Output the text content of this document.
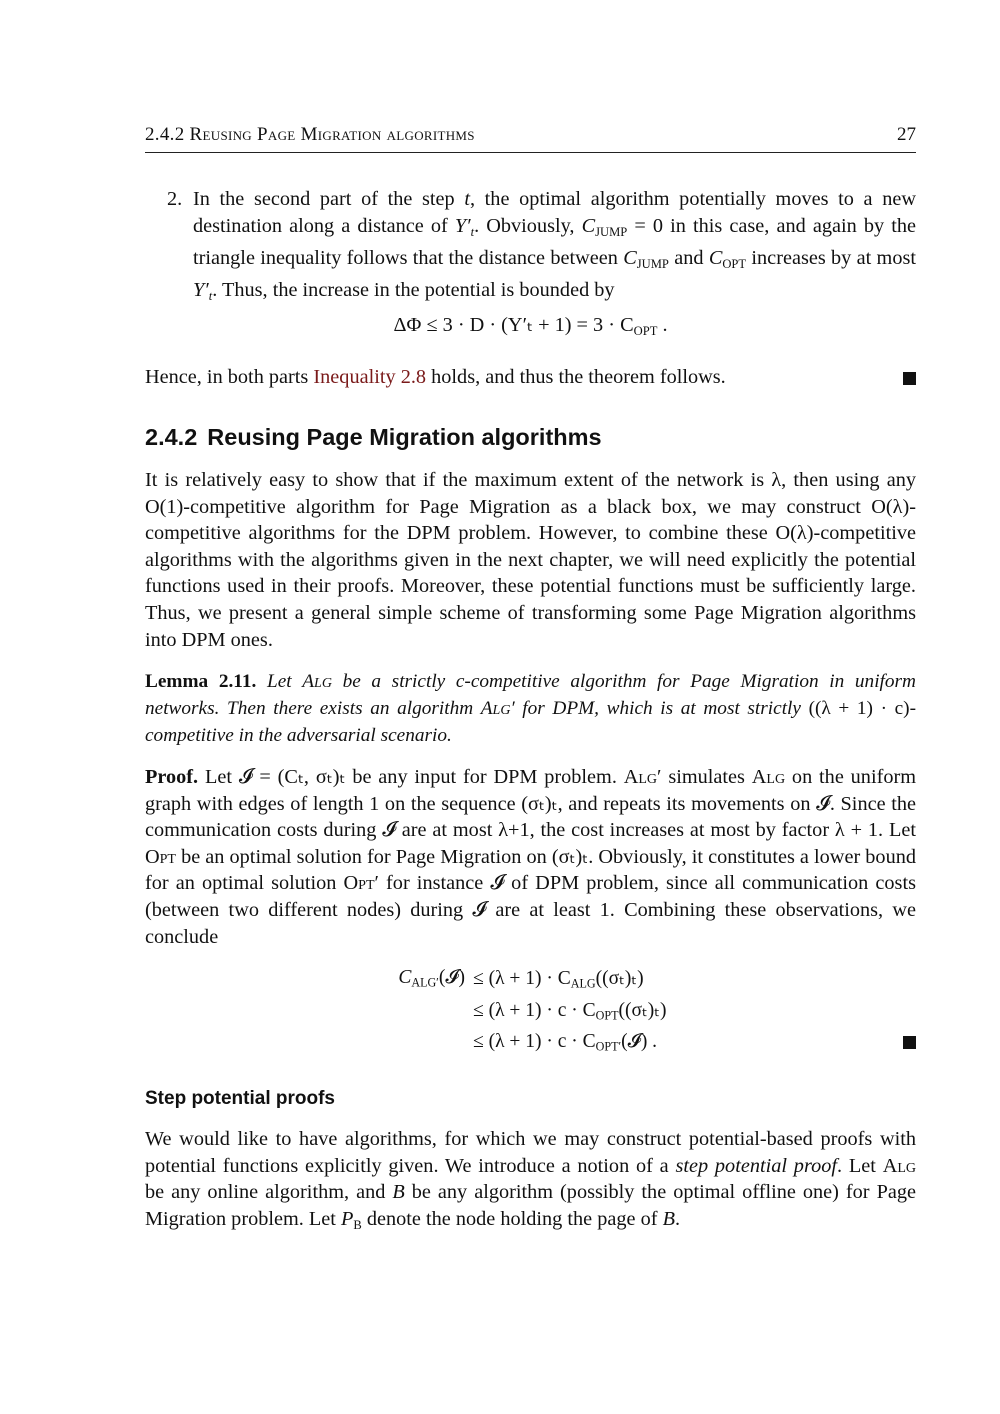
2.4.2 Reusing Page Migration algorithms	27
2. In the second part of the step t, the optimal algorithm potentially moves to a new destination along a distance of $Y'_t$. Obviously, $C_{JUMP} = 0$ in this case, and again by the triangle inequality follows that the distance between $C_{JUMP}$ and $C_{OPT}$ increases by at most $Y'_t$. Thus, the increase in the potential is bounded by
$\Delta\Phi \le 3 \cdot D \cdot (Y'_t + 1) = 3 \cdot C_{OPT}$ .
Hence, in both parts Inequality 2.8 holds, and thus the theorem follows.
2.4.2 Reusing Page Migration algorithms
It is relatively easy to show that if the maximum extent of the network is λ, then using any O(1)-competitive algorithm for Page Migration as a black box, we may construct O(λ)-competitive algorithms for the DPM problem. However, to combine these O(λ)-competitive algorithms with the algorithms given in the next chapter, we will need explicitly the potential functions used in their proofs. Moreover, these potential functions must be sufficiently large. Thus, we present a general simple scheme of transforming some Page Migration algorithms into DPM ones.
Lemma 2.11. Let Alg be a strictly c-competitive algorithm for Page Migration in uniform networks. Then there exists an algorithm Alg′ for DPM, which is at most strictly ((λ + 1) · c)-competitive in the adversarial scenario.
Proof. Let 𝓘 = (Cₜ, σₜ)ₜ be any input for DPM problem. Alg′ simulates Alg on the uniform graph with edges of length 1 on the sequence (σₜ)ₜ, and repeats its movements on 𝓘. Since the communication costs during 𝓘 are at most λ+1, the cost increases at most by factor λ + 1. Let Opt be an optimal solution for Page Migration on (σₜ)ₜ. Obviously, it constitutes a lower bound for an optimal solution Opt′ for instance 𝓘 of DPM problem, since all communication costs (between two different nodes) during 𝓘 are at least 1. Combining these observations, we conclude
$C_{ALG'}(𝓘) \le (\lambda + 1) \cdot C_{ALG}((\sigma_t)_t)$
≤ $(\lambda + 1) \cdot c \cdot C_{OPT}((\sigma_t)_t)$
≤ $(\lambda + 1) \cdot c \cdot C_{OPT'}(𝓘)$ .
Step potential proofs
We would like to have algorithms, for which we may construct potential-based proofs with potential functions explicitly given. We introduce a notion of a step potential proof. Let Alg be any online algorithm, and B be any algorithm (possibly the optimal offline one) for Page Migration problem. Let $P_B$ denote the node holding the page of B.
